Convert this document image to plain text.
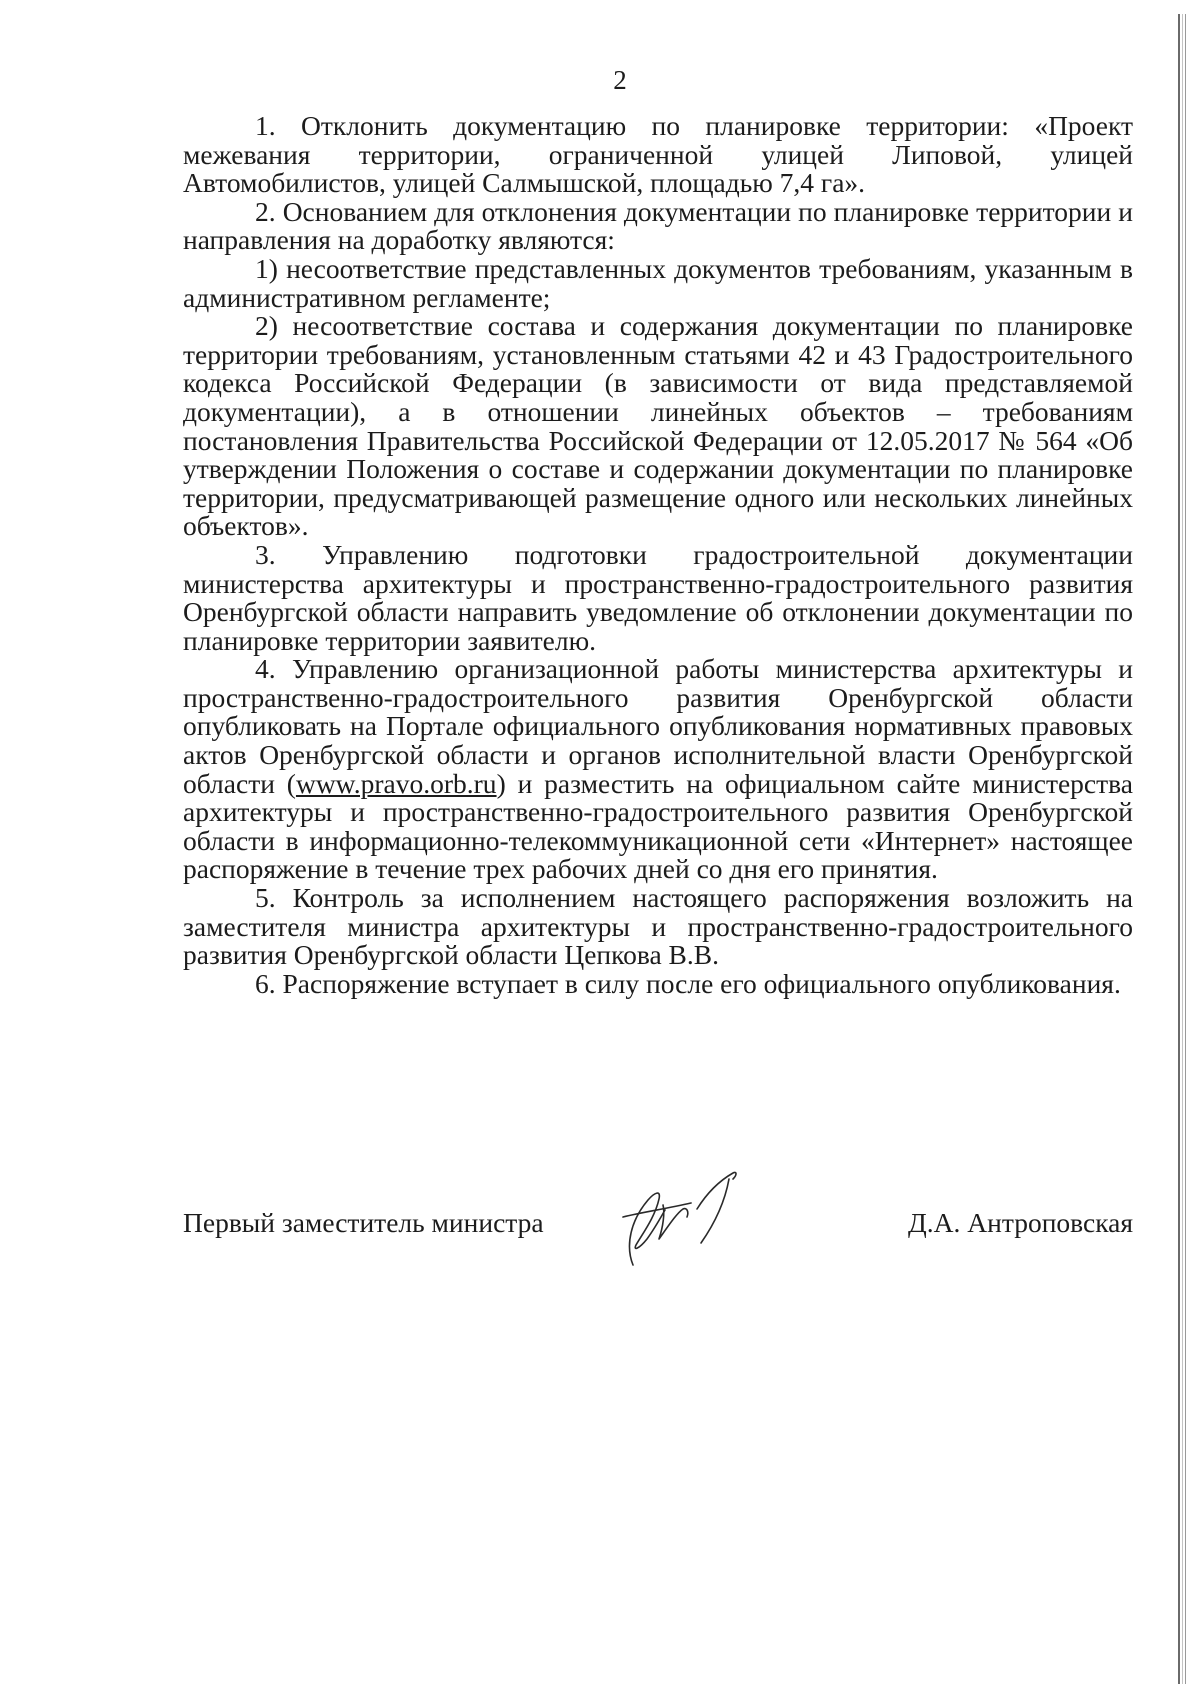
2

1. Отклонить документацию по планировке территории: «Проект межевания территории, ограниченной улицей Липовой, улицей Автомобилистов, улицей Салмышской, площадью 7,4 га».

2. Основанием для отклонения документации по планировке территории и направления на доработку являются:

1) несоответствие представленных документов требованиям, указанным в административном регламенте;

2) несоответствие состава и содержания документации по планировке территории требованиям, установленным статьями 42 и 43 Градостроительного кодекса Российской Федерации (в зависимости от вида представляемой документации), а в отношении линейных объектов – требованиям постановления Правительства Российской Федерации от 12.05.2017 № 564 «Об утверждении Положения о составе и содержании документации по планировке территории, предусматривающей размещение одного или нескольких линейных объектов».

3. Управлению подготовки градостроительной документации министерства архитектуры и пространственно-градостроительного развития Оренбургской области направить уведомление об отклонении документации по планировке территории заявителю.

4. Управлению организационной работы министерства архитектуры и пространственно-градостроительного развития Оренбургской области опубликовать на Портале официального опубликования нормативных правовых актов Оренбургской области и органов исполнительной власти Оренбургской области (www.pravo.orb.ru) и разместить на официальном сайте министерства архитектуры и пространственно-градостроительного развития Оренбургской области в информационно-телекоммуникационной сети «Интернет» настоящее распоряжение в течение трех рабочих дней со дня его принятия.

5. Контроль за исполнением настоящего распоряжения возложить на заместителя министра архитектуры и пространственно-градостроительного развития Оренбургской области Цепкова В.В.

6. Распоряжение вступает в силу после его официального опубликования.

Первый заместитель министра	Д.А. Антроповская
